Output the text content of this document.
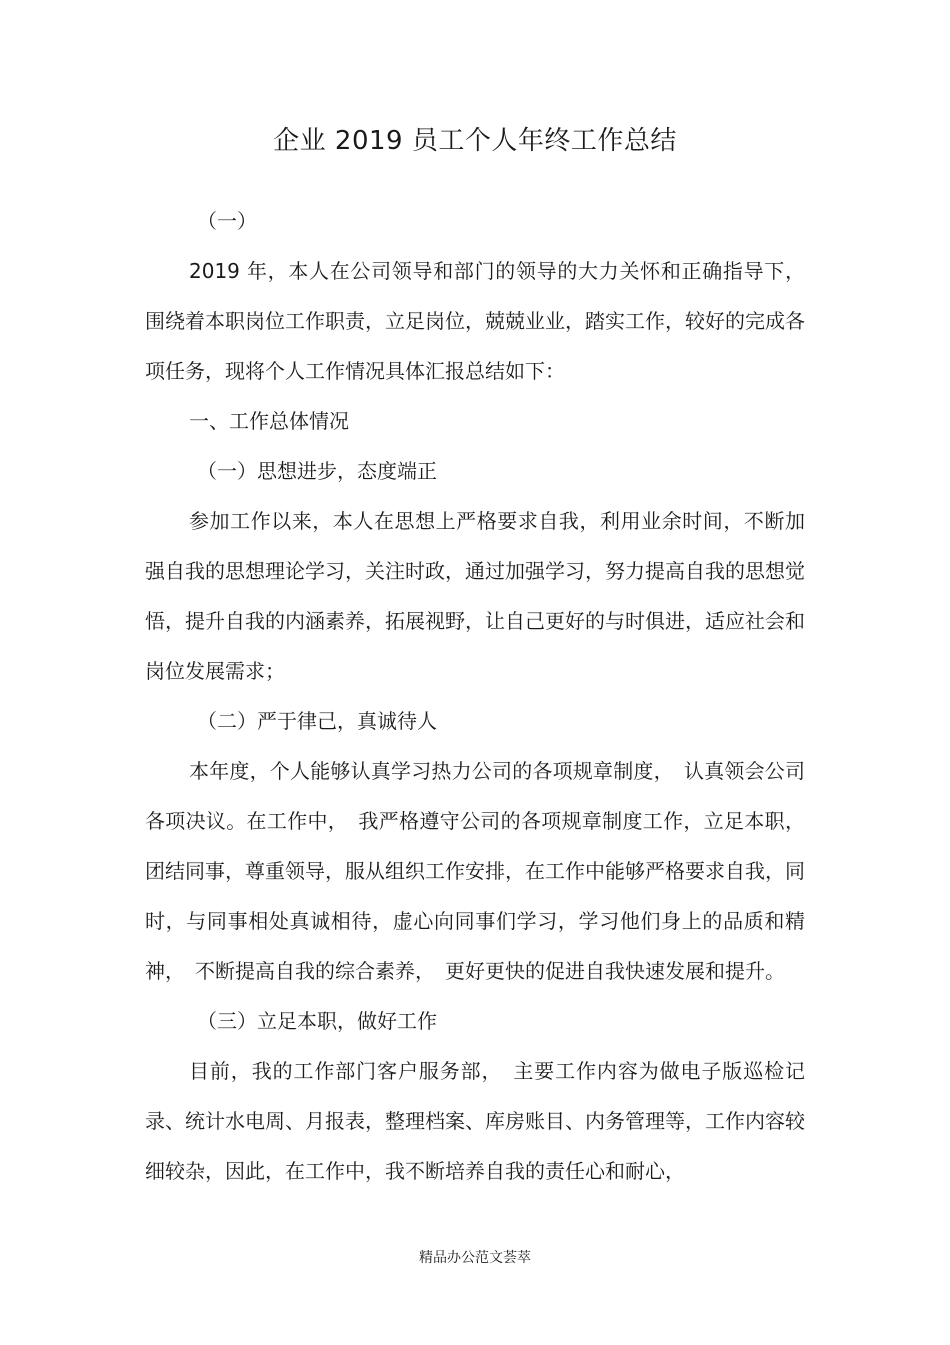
企业 2019 员工个人年终工作总结

（一）

2019 年，本人在公司领导和部门的领导的大力关怀和正确指导下，围绕着本职岗位工作职责，立足岗位，兢兢业业，踏实工作，较好的完成各项任务，现将个人工作情况具体汇报总结如下：

一、工作总体情况

（一）思想进步，态度端正

参加工作以来，本人在思想上严格要求自我，利用业余时间，不断加强自我的思想理论学习，关注时政，通过加强学习，努力提高自我的思想觉悟，提升自我的内涵素养，拓展视野，让自己更好的与时俱进，适应社会和岗位发展需求；

（二）严于律己，真诚待人

本年度，个人能够认真学习热力公司的各项规章制度，　认真领会公司各项决议。在工作中，　我严格遵守公司的各项规章制度工作，立足本职，团结同事，尊重领导，服从组织工作安排，在工作中能够严格要求自我，同时，与同事相处真诚相待，虚心向同事们学习，学习他们身上的品质和精神，　不断提高自我的综合素养，　更好更快的促进自我快速发展和提升。

（三）立足本职，做好工作

目前，我的工作部门客户服务部，　主要工作内容为做电子版巡检记录、统计水电周、月报表，整理档案、库房账目、内务管理等，工作内容较细较杂，因此，在工作中，我不断培养自我的责任心和耐心，

精品办公范文荟萃
